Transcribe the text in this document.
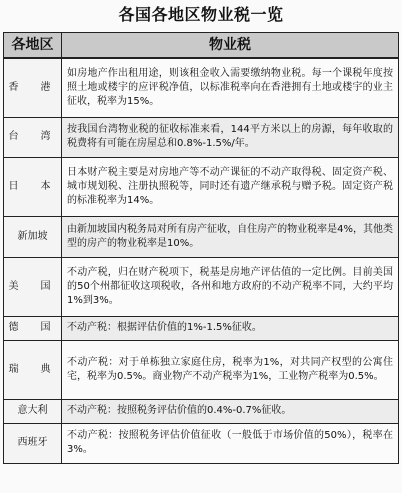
各国各地区物业税一览
各地区	物业税
香　港	如房地产作出租用途，则该租金收入需要缴纳物业税。每一个课税年度按照土地或楼宇的应评税净值，以标准税率向在香港拥有土地或楼宇的业主征收，税率为15%。
台　湾	按我国台湾物业税的征收标准来看，144平方米以上的房源，每年收取的税费将有可能在房屋总和0.8%-1.5%/年。
日　本	日本财产税主要是对房地产等不动产课征的不动产取得税、固定资产税、城市规划税、注册执照税等，同时还有遗产继承税与赠予税。固定资产税的标准税率为14%。
新加坡	由新加坡国内税务局对所有房产征收，自住房产的物业税率是4%，其他类型的房产的物业税率是10%。
美　国	不动产税，归在财产税项下，税基是房地产评估值的一定比例。目前美国的50个州都征收这项税收，各州和地方政府的不动产税率不同，大约平均1%到3%。
德　国	不动产税：根据评估价值的1%-1.5%征收。
瑞　典	不动产税：对于单栋独立家庭住房，税率为1%，对共同产权型的公寓住宅，税率为0.5%。商业物产不动产税率为1%，工业物产税率为0.5%。
意大利	不动产税：按照税务评估价值的0.4%-0.7%征收。
西班牙	不动产税：按照税务评估价值征收（一般低于市场价值的50%），税率在3%。
